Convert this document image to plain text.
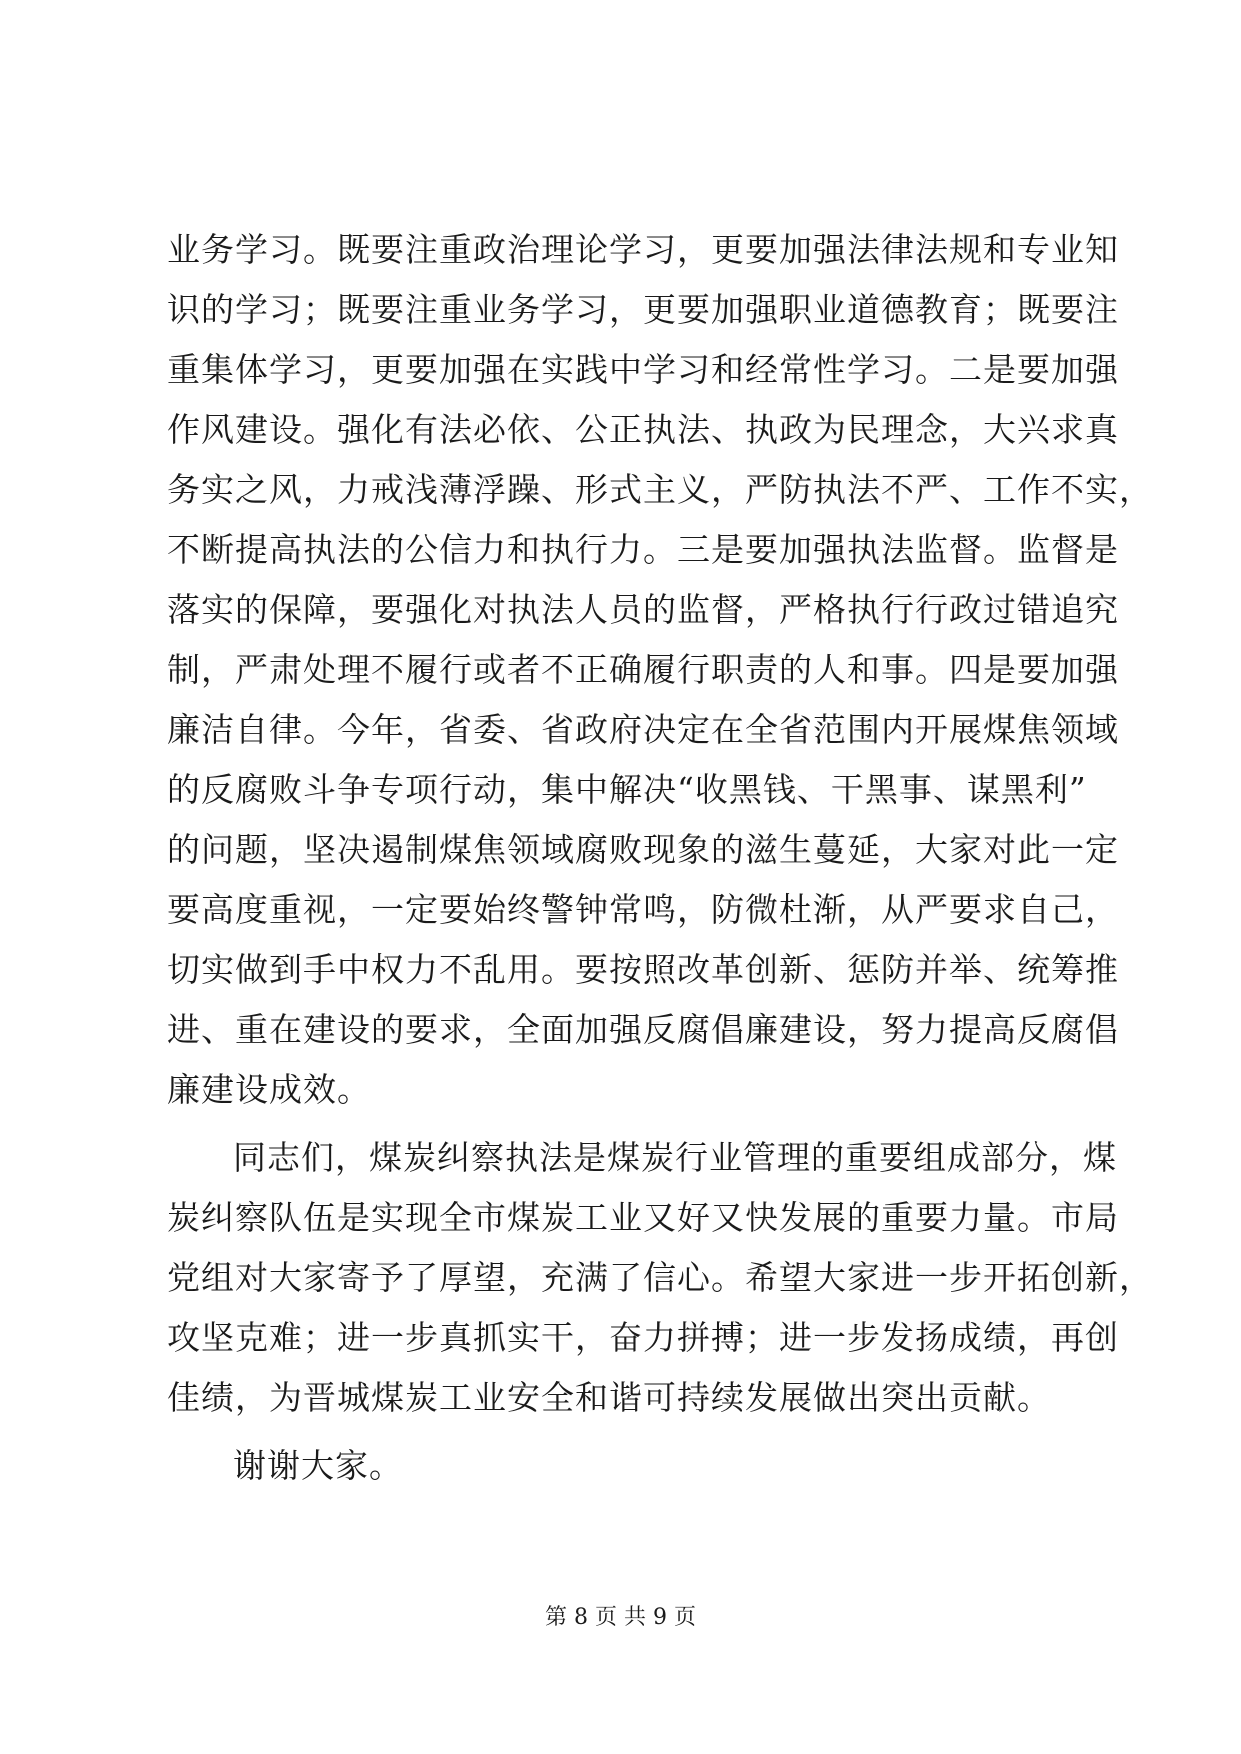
业务学习。既要注重政治理论学习，更要加强法律法规和专业知
识的学习；既要注重业务学习，更要加强职业道德教育；既要注
重集体学习，更要加强在实践中学习和经常性学习。二是要加强
作风建设。强化有法必依、公正执法、执政为民理念，大兴求真
务实之风，力戒浅薄浮躁、形式主义，严防执法不严、工作不实，
不断提高执法的公信力和执行力。三是要加强执法监督。监督是
落实的保障，要强化对执法人员的监督，严格执行行政过错追究
制，严肃处理不履行或者不正确履行职责的人和事。四是要加强
廉洁自律。今年，省委、省政府决定在全省范围内开展煤焦领域
的反腐败斗争专项行动，集中解决“收黑钱、干黑事、谋黑利”
的问题，坚决遏制煤焦领域腐败现象的滋生蔓延，大家对此一定
要高度重视，一定要始终警钟常鸣，防微杜渐，从严要求自己，
切实做到手中权力不乱用。要按照改革创新、惩防并举、统筹推
进、重在建设的要求，全面加强反腐倡廉建设，努力提高反腐倡
廉建设成效。
同志们，煤炭纠察执法是煤炭行业管理的重要组成部分，煤
炭纠察队伍是实现全市煤炭工业又好又快发展的重要力量。市局
党组对大家寄予了厚望，充满了信心。希望大家进一步开拓创新，
攻坚克难；进一步真抓实干，奋力拼搏；进一步发扬成绩，再创
佳绩，为晋城煤炭工业安全和谐可持续发展做出突出贡献。
谢谢大家。
第 8 页 共 9 页
